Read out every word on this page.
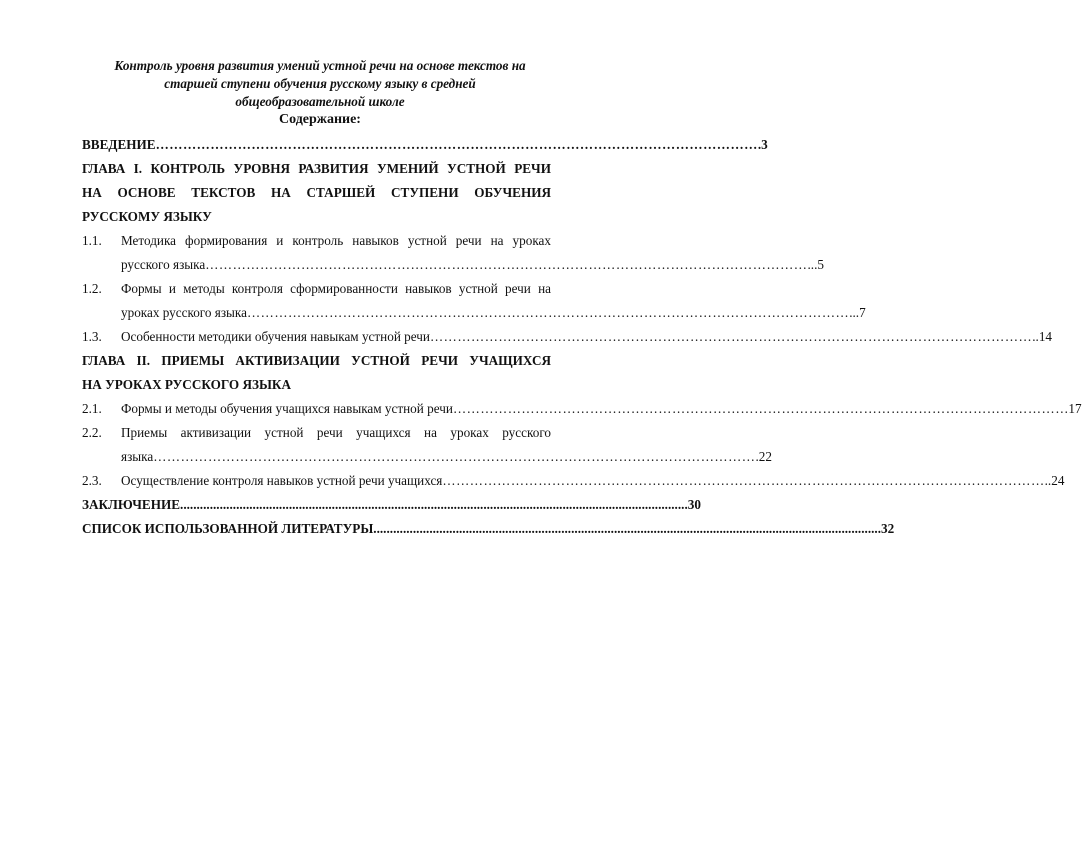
Контроль уровня развития умений устной речи на основе текстов на
старшей ступени обучения русскому языку в средней
общеобразовательной школе
Содержание:
ВВЕДЕНИЕ …………………………………………………………………………………………………………………… .3
ГЛАВА I. КОНТРОЛЬ УРОВНЯ РАЗВИТИЯ УМЕНИЙ УСТНОЙ РЕЧИ
НА ОСНОВЕ ТЕКСТОВ НА СТАРШЕЙ СТУПЕНИ ОБУЧЕНИЯ
РУССКОМУ ЯЗЫКУ
1.1.	Методика формирования и контроль навыков устной речи на уроках
русского языка …………………………………………………………………………………………………………………… ...5
1.2.	Формы и методы контроля сформированности навыков устной речи на
уроках русского языка …………………………………………………………………………………………………………………… ...7
1.3.	Особенности методики обучения навыкам устной речи …………………………………………………………………………………………………………………… ..14
ГЛАВА II. ПРИЕМЫ АКТИВИЗАЦИИ УСТНОЙ РЕЧИ УЧАЩИХСЯ
НА УРОКАХ РУССКОГО ЯЗЫКА
2.1.	Формы и методы обучения учащихся навыкам устной речи …………………………………………………………………………………………………………………… …17
2.2.	Приемы активизации устной речи учащихся на уроках русского
языка …………………………………………………………………………………………………………………… .22
2.3.	Осуществление контроля навыков устной речи учащихся …………………………………………………………………………………………………………………… ..24
ЗАКЛЮЧЕНИЕ .......................................................................................................................................................... 30
СПИСОК ИСПОЛЬЗОВАННОЙ ЛИТЕРАТУРЫ .......................................................................................................................................................... 32
